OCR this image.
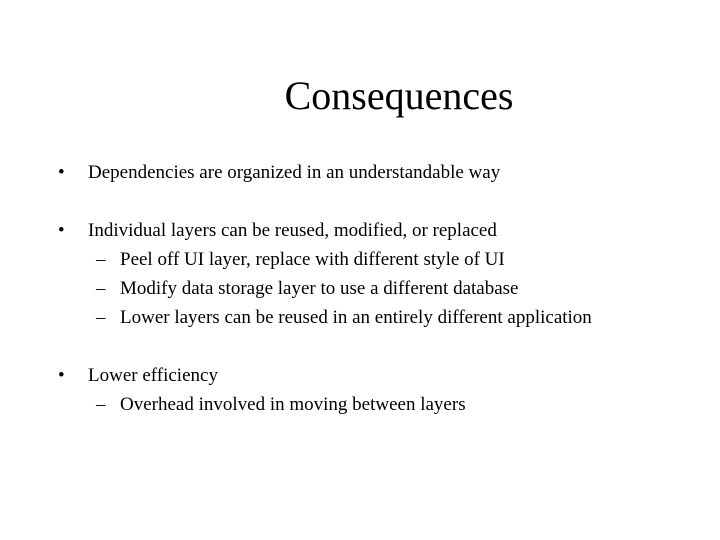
Consequences
• Dependencies are organized in an understandable way
• Individual layers can be reused, modified, or replaced
– Peel off UI layer, replace with different style of UI
– Modify data storage layer to use a different database
– Lower layers can be reused in an entirely different application
• Lower efficiency
– Overhead involved in moving between layers
